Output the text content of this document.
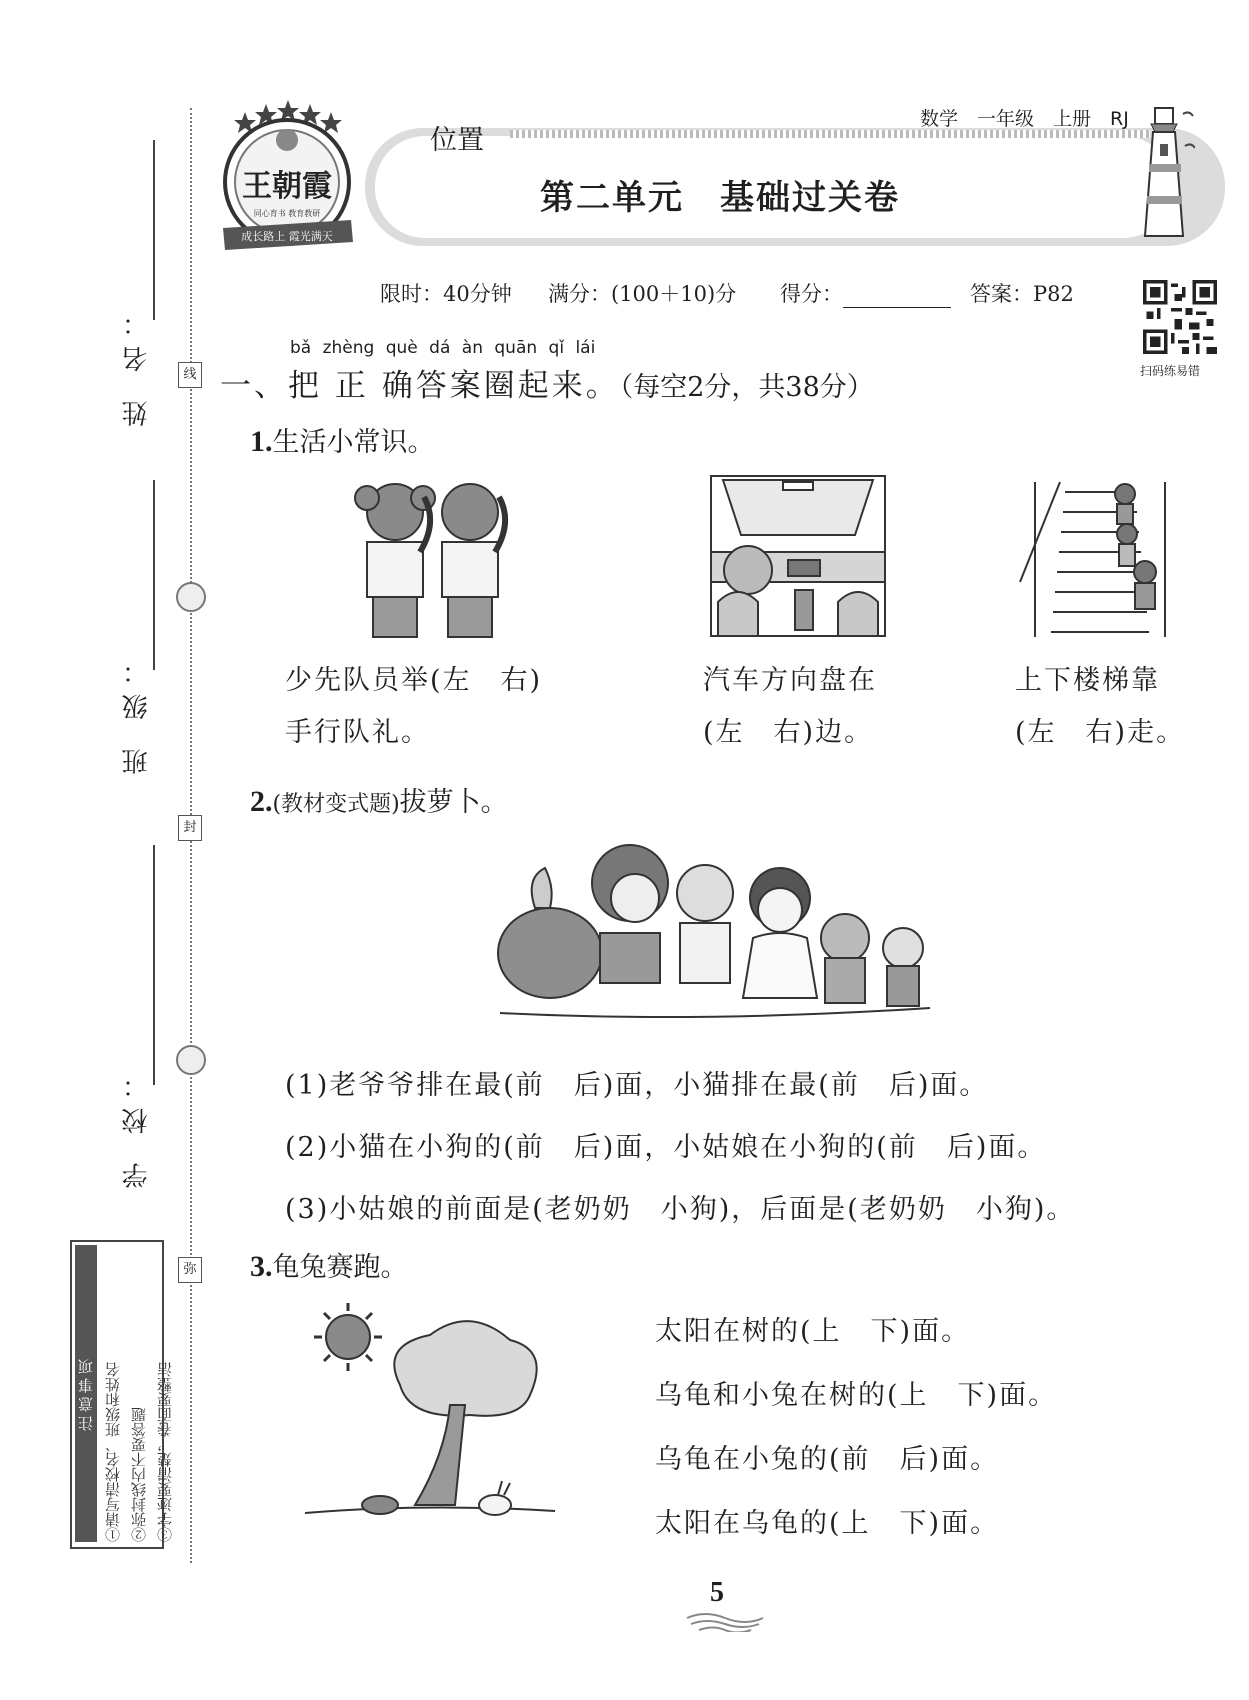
姓 名：
班 级：
学 校：
线
封
弥
注意事项 ①请写清校名、班级和姓名 ②弥封线内不要答题 ③字迹要清楚，卷面要整洁
王朝霞
同心育书 教育教研
成长路上 霞光满天
位置
数学　一年级　上册　RJ
第二单元　基础过关卷
限时：40分钟 满分：(100＋10)分 得分：	答案：P82
扫码练易错
bǎ zhèng què dá àn quān qǐ lái
一、把 正 确答案圈起来。（每空2分，共38分）
1.生活小常识。
少先队员举(左　右)
手行队礼。
汽车方向盘在
(左　右)边。
上下楼梯靠
(左　右)走。
2.(教材变式题)拔萝卜。
(1)老爷爷排在最(前　后)面，小猫排在最(前　后)面。
(2)小猫在小狗的(前　后)面，小姑娘在小狗的(前　后)面。
(3)小姑娘的前面是(老奶奶　小狗)，后面是(老奶奶　小狗)。
3.龟兔赛跑。
太阳在树的(上　下)面。
乌龟和小兔在树的(上　下)面。
乌龟在小兔的(前　后)面。
太阳在乌龟的(上　下)面。
5
